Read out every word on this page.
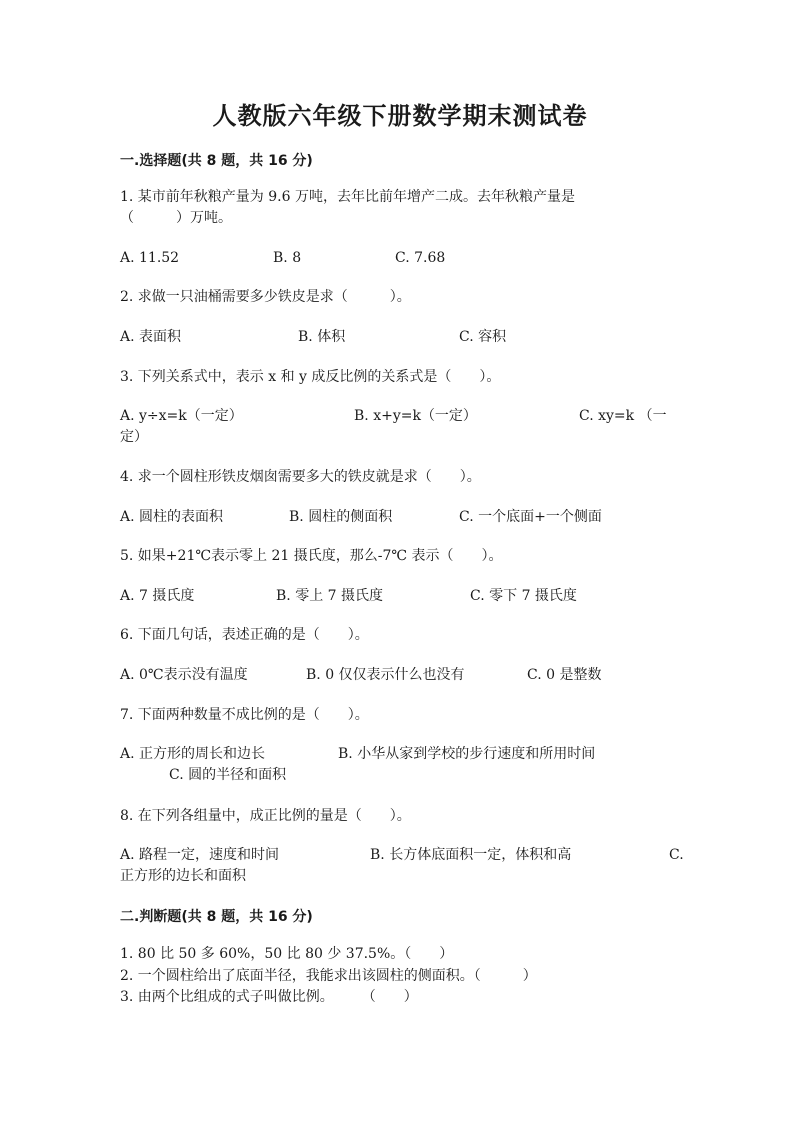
人教版六年级下册数学期末测试卷
一.选择题(共 8 题，共 16 分)
1. 某市前年秋粮产量为 9.6 万吨，去年比前年增产二成。去年秋粮产量是
（　　　）万吨。
A. 11.52	B. 8	C. 7.68
2. 求做一只油桶需要多少铁皮是求（　　　）。
A. 表面积	B. 体积	C. 容积
3. 下列关系式中，表示 x 和 y 成反比例的关系式是（　　）。
A. y÷x=k（一定）	B. x+y=k（一定）	C. xy=k （一
定）
4. 求一个圆柱形铁皮烟囱需要多大的铁皮就是求（　　）。
A. 圆柱的表面积	B. 圆柱的侧面积	C. 一个底面+一个侧面
5. 如果+21℃表示零上 21 摄氏度，那么-7℃ 表示（　　）。
A. 7 摄氏度	B. 零上 7 摄氏度	C. 零下 7 摄氏度
6. 下面几句话，表述正确的是（　　）。
A. 0℃表示没有温度	B. 0 仅仅表示什么也没有	C. 0 是整数
7. 下面两种数量不成比例的是（　　）。
A. 正方形的周长和边长	B. 小华从家到学校的步行速度和所用时间
C. 圆的半径和面积
8. 在下列各组量中，成正比例的量是（　　）。
A. 路程一定，速度和时间	B. 长方体底面积一定，体积和高	C.
正方形的边长和面积
二.判断题(共 8 题，共 16 分)
1. 80 比 50 多 60%，50 比 80 少 37.5%。（　　）
2. 一个圆柱给出了底面半径，我能求出该圆柱的侧面积。（　　　）
3. 由两个比组成的式子叫做比例。　　　（　　）
